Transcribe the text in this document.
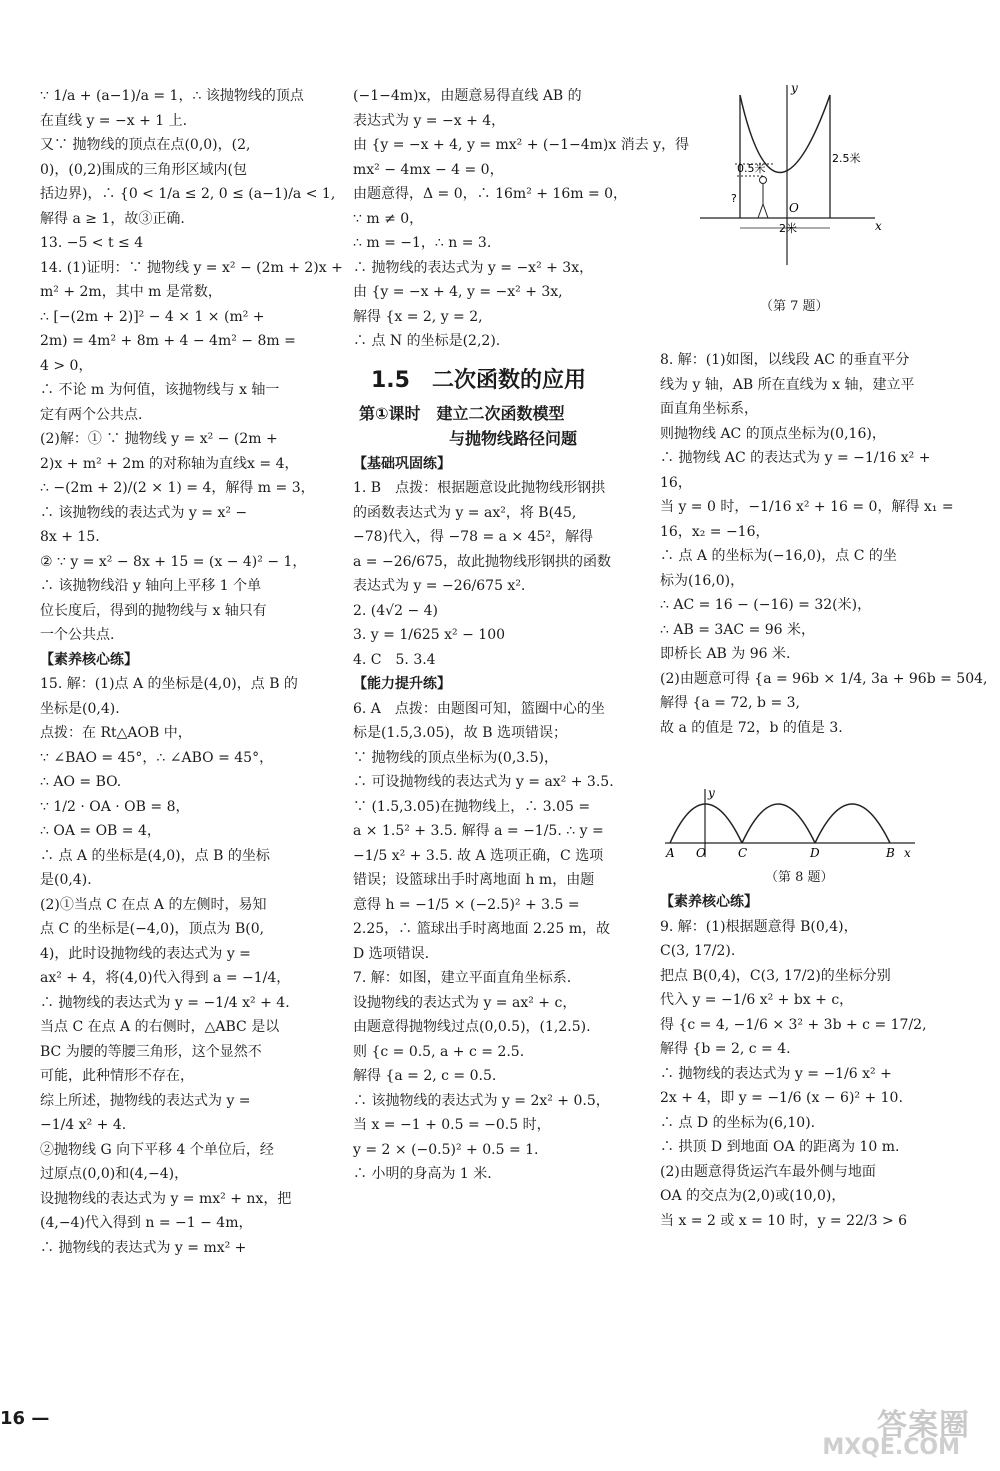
∵ 1/a + (a−1)/a = 1，∴ 该抛物线的顶点
在直线 y = −x + 1 上.
又∵ 抛物线的顶点在点(0,0)，(2,
0)，(0,2)围成的三角形区域内(包
括边界)，∴ {0 < 1/a ≤ 2, 0 ≤ (a−1)/a < 1,
解得 a ≥ 1，故③正确.
13. −5 < t ≤ 4
14. (1)证明：∵ 抛物线 y = x² − (2m + 2)x +
m² + 2m，其中 m 是常数，
∴ [−(2m + 2)]² − 4 × 1 × (m² +
2m) = 4m² + 8m + 4 − 4m² − 8m =
4 > 0，
∴ 不论 m 为何值，该抛物线与 x 轴一
定有两个公共点.
(2)解：① ∵ 抛物线 y = x² − (2m +
2)x + m² + 2m 的对称轴为直线x = 4，
∴ −(2m + 2)/(2 × 1) = 4，解得 m = 3，
∴ 该抛物线的表达式为 y = x² −
8x + 15.
② ∵ y = x² − 8x + 15 = (x − 4)² − 1，
∴ 该抛物线沿 y 轴向上平移 1 个单
位长度后，得到的抛物线与 x 轴只有
一个公共点.
【素养核心练】
15. 解：(1)点 A 的坐标是(4,0)，点 B 的
坐标是(0,4).
点拨：在 Rt△AOB 中，
∵ ∠BAO = 45°，∴ ∠ABO = 45°，
∴ AO = BO.
∵ 1/2 · OA · OB = 8，
∴ OA = OB = 4，
∴ 点 A 的坐标是(4,0)，点 B 的坐标
是(0,4).
(2)①当点 C 在点 A 的左侧时，易知
点 C 的坐标是(−4,0)，顶点为 B(0,
4)，此时设抛物线的表达式为 y =
ax² + 4，将(4,0)代入得到 a = −1/4，
∴ 抛物线的表达式为 y = −1/4 x² + 4.
当点 C 在点 A 的右侧时，△ABC 是以
BC 为腰的等腰三角形，这个显然不
可能，此种情形不存在，
综上所述，抛物线的表达式为 y =
−1/4 x² + 4.
②抛物线 G 向下平移 4 个单位后，经
过原点(0,0)和(4,−4)，
设抛物线的表达式为 y = mx² + nx，把
(4,−4)代入得到 n = −1 − 4m，
∴ 抛物线的表达式为 y = mx² +
(−1−4m)x，由题意易得直线 AB 的
表达式为 y = −x + 4，
由 {y = −x + 4, y = mx² + (−1−4m)x 消去 y，得
mx² − 4mx − 4 = 0，
由题意得，Δ = 0，∴ 16m² + 16m = 0，
∵ m ≠ 0，
∴ m = −1，∴ n = 3.
∴ 抛物线的表达式为 y = −x² + 3x，
由 {y = −x + 4, y = −x² + 3x,
解得 {x = 2, y = 2,
∴ 点 N 的坐标是(2,2).
1.5　二次函数的应用
第①课时　建立二次函数模型
与抛物线路径问题
【基础巩固练】
1. B　点拨：根据题意设此抛物线形钢拱
的函数表达式为 y = ax²，将 B(45,
−78)代入，得 −78 = a × 45²，解得
a = −26/675，故此抛物线形钢拱的函数
表达式为 y = −26/675 x².
2. (4√2 − 4)
3. y = 1/625 x² − 100
4. C　5. 3.4
【能力提升练】
6. A　点拨：由题图可知，篮圈中心的坐
标是(1.5,3.05)，故 B 选项错误；
∵ 抛物线的顶点坐标为(0,3.5)，
∴ 可设抛物线的表达式为 y = ax² + 3.5.
∵ (1.5,3.05)在抛物线上，∴ 3.05 =
a × 1.5² + 3.5. 解得 a = −1/5. ∴ y =
−1/5 x² + 3.5. 故 A 选项正确，C 选项
错误；设篮球出手时离地面 h m，由题
意得 h = −1/5 × (−2.5)² + 3.5 =
2.25，∴ 篮球出手时离地面 2.25 m，故
D 选项错误.
7. 解：如图，建立平面直角坐标系.
设抛物线的表达式为 y = ax² + c，
由题意得抛物线过点(0,0.5)，(1,2.5).
则 {c = 0.5, a + c = 2.5.
解得 {a = 2, c = 0.5.
∴ 该抛物线的表达式为 y = 2x² + 0.5，
当 x = −1 + 0.5 = −0.5 时，
y = 2 × (−0.5)² + 0.5 = 1.
∴ 小明的身高为 1 米.
0.5米
2.5米
2米
?
x
y
O
（第 7 题）
8. 解：(1)如图，以线段 AC 的垂直平分
线为 y 轴，AB 所在直线为 x 轴，建立平
面直角坐标系，
则抛物线 AC 的顶点坐标为(0,16)，
∴ 抛物线 AC 的表达式为 y = −1/16 x² +
16，
当 y = 0 时，−1/16 x² + 16 = 0，解得 x₁ =
16，x₂ = −16，
∴ 点 A 的坐标为(−16,0)，点 C 的坐
标为(16,0)，
∴ AC = 16 − (−16) = 32(米)，
∴ AB = 3AC = 96 米，
即桥长 AB 为 96 米.
(2)由题意可得 {a = 96b × 1/4, 3a + 96b = 504,
解得 {a = 72, b = 3,
故 a 的值是 72，b 的值是 3.
A O	C	D	B x
y
（第 8 题）
【素养核心练】
9. 解：(1)根据题意得 B(0,4)，
C(3, 17/2).
把点 B(0,4)，C(3, 17/2)的坐标分别
代入 y = −1/6 x² + bx + c，
得 {c = 4, −1/6 × 3² + 3b + c = 17/2,
解得 {b = 2, c = 4.
∴ 抛物线的表达式为 y = −1/6 x² +
2x + 4，即 y = −1/6 (x − 6)² + 10.
∴ 点 D 的坐标为(6,10).
∴ 拱顶 D 到地面 OA 的距离为 10 m.
(2)由题意得货运汽车最外侧与地面
OA 的交点为(2,0)或(10,0)，
当 x = 2 或 x = 10 时，y = 22/3 > 6
16 —	答案圈
MXQE.COM
